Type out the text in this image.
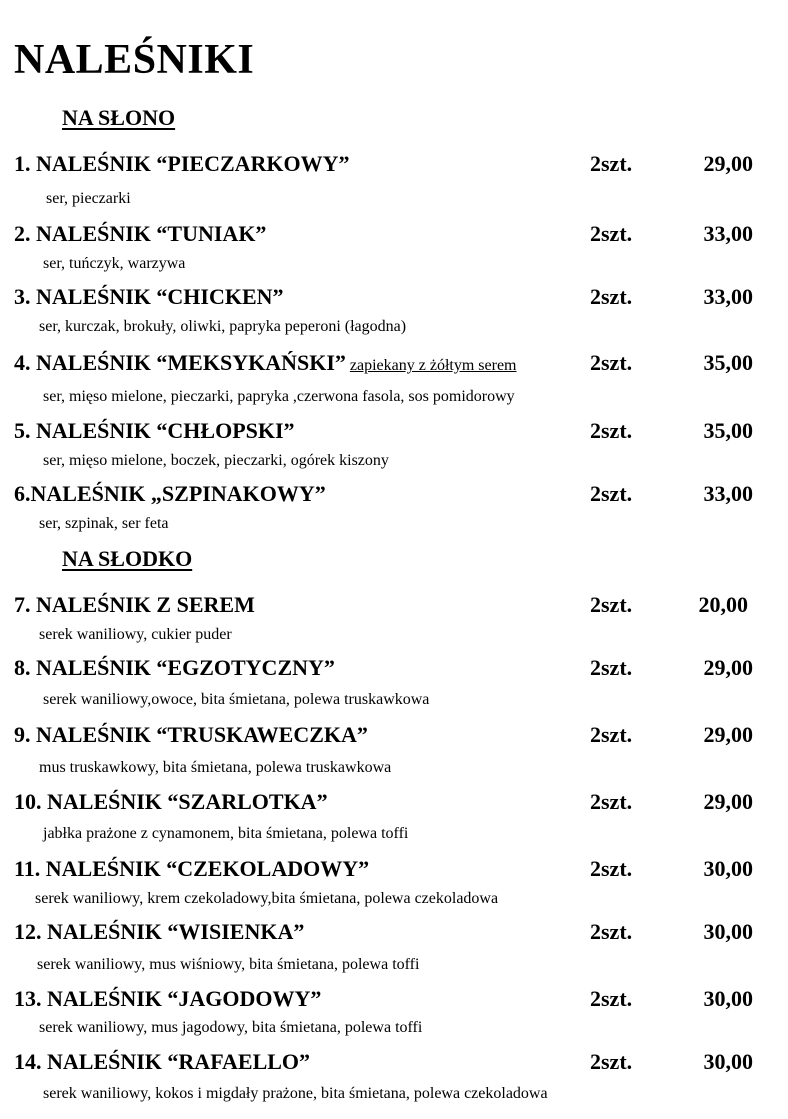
NALEŚNIKI
NA SŁONO
1. NALEŚNIK “PIECZARKOWY”	2szt.	29,00
ser, pieczarki
2. NALEŚNIK “TUNIAK”	2szt.	33,00
ser, tuńczyk, warzywa
3. NALEŚNIK “CHICKEN”	2szt.	33,00
ser, kurczak, brokuły, oliwki, papryka peperoni (łagodna)
4. NALEŚNIK “MEKSYKAŃSKI” zapiekany z żółtym serem	2szt.	35,00
ser, mięso mielone, pieczarki, papryka ,czerwona fasola, sos pomidorowy
5. NALEŚNIK “CHŁOPSKI”	2szt.	35,00
ser, mięso mielone, boczek, pieczarki, ogórek kiszony
6.NALEŚNIK „SZPINAKOWY”	2szt.	33,00
ser, szpinak, ser feta
NA SŁODKO
7. NALEŚNIK Z SEREM	2szt.	20,00
serek waniliowy, cukier puder
8. NALEŚNIK “EGZOTYCZNY”	2szt.	29,00
serek waniliowy,owoce, bita śmietana, polewa truskawkowa
9. NALEŚNIK “TRUSKAWECZKA”	2szt.	29,00
mus truskawkowy, bita śmietana, polewa truskawkowa
10. NALEŚNIK “SZARLOTKA”	2szt.	29,00
jabłka prażone z cynamonem, bita śmietana, polewa toffi
11. NALEŚNIK “CZEKOLADOWY”	2szt.	30,00
serek waniliowy, krem czekoladowy,bita śmietana, polewa czekoladowa
12. NALEŚNIK “WISIENKA”	2szt.	30,00
serek waniliowy, mus wiśniowy, bita śmietana, polewa toffi
13. NALEŚNIK “JAGODOWY”	2szt.	30,00
serek waniliowy, mus jagodowy, bita śmietana, polewa toffi
14. NALEŚNIK “RAFAELLO”	2szt.	30,00
serek waniliowy, kokos i migdały prażone, bita śmietana, polewa czekoladowa
